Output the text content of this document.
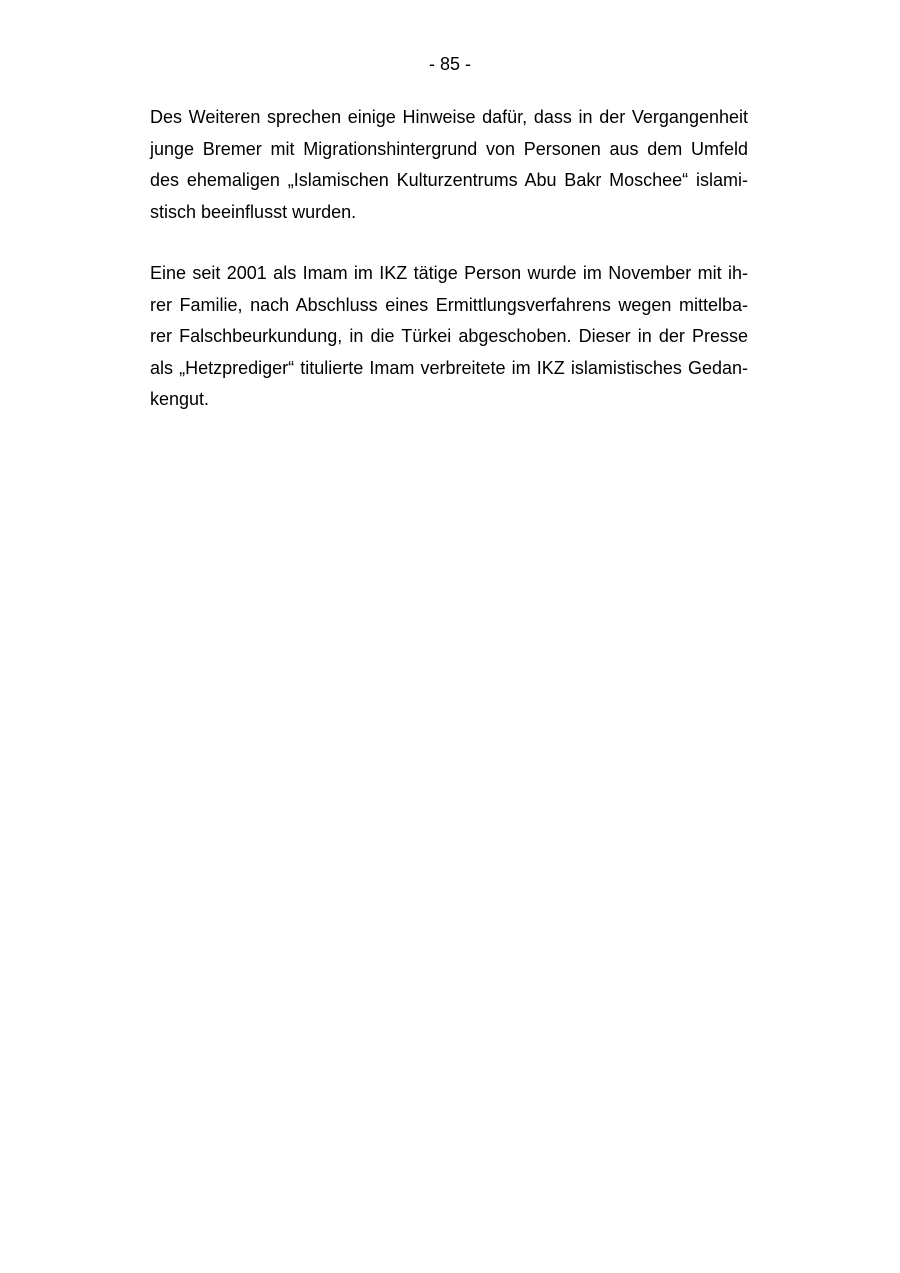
- 85 -

Des Weiteren sprechen einige Hinweise dafür, dass in der Vergangenheit
junge Bremer mit Migrationshintergrund von Personen aus dem Umfeld
des ehemaligen „Islamischen Kulturzentrums Abu Bakr Moschee“ islami-
stisch beeinflusst wurden.

Eine seit 2001 als Imam im IKZ tätige Person wurde im November mit ih-
rer Familie, nach Abschluss eines Ermittlungsverfahrens wegen mittelba-
rer Falschbeurkundung, in die Türkei abgeschoben. Dieser in der Presse
als „Hetzprediger“ titulierte Imam verbreitete im IKZ islamistisches Gedan-
kengut.
